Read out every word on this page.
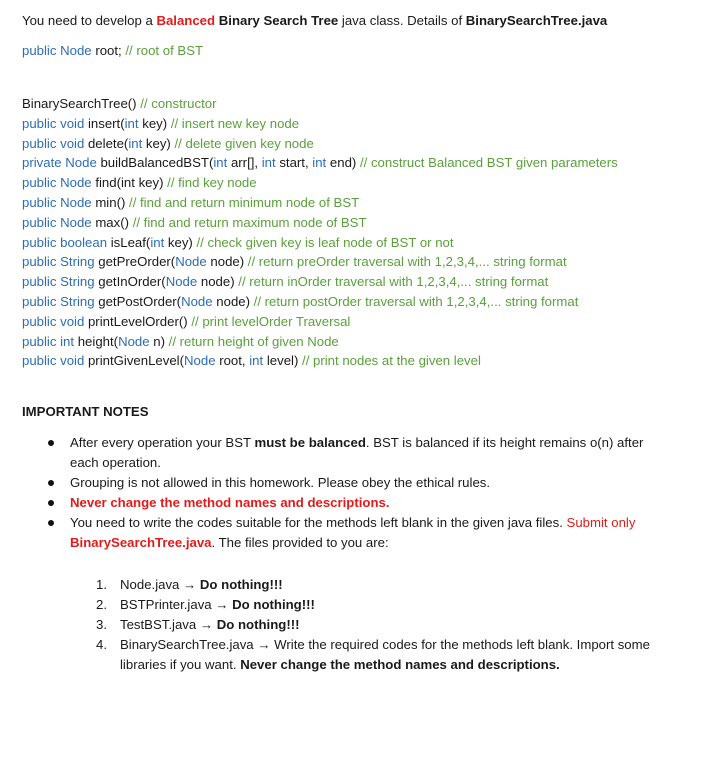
You need to develop a Balanced Binary Search Tree java class. Details of BinarySearchTree.java
public Node root; // root of BST
BinarySearchTree() // constructor
public void insert(int key) // insert new key node
public void delete(int key) // delete given key node
private Node buildBalancedBST(int arr[], int start, int end) // construct Balanced BST given parameters
public Node find(int key) // find key node
public Node min() // find and return minimum node of BST
public Node max() // find and return maximum node of BST
public boolean isLeaf(int key) // check given key is leaf node of BST or not
public String getPreOrder(Node node) // return preOrder traversal with 1,2,3,4,... string format
public String getInOrder(Node node) // return inOrder traversal with 1,2,3,4,... string format
public String getPostOrder(Node node) // return postOrder traversal with 1,2,3,4,... string format
public void printLevelOrder() // print levelOrder Traversal
public int height(Node n) // return height of given Node
public void printGivenLevel(Node root, int level) // print nodes at the given level
IMPORTANT NOTES
After every operation your BST must be balanced. BST is balanced if its height remains o(n) after each operation.
Grouping is not allowed in this homework. Please obey the ethical rules.
Never change the method names and descriptions.
You need to write the codes suitable for the methods left blank in the given java files. Submit only BinarySearchTree.java. The files provided to you are:
1. Node.java → Do nothing!!!
2. BSTPrinter.java → Do nothing!!!
3. TestBST.java → Do nothing!!!
4. BinarySearchTree.java → Write the required codes for the methods left blank. Import some libraries if you want. Never change the method names and descriptions.
